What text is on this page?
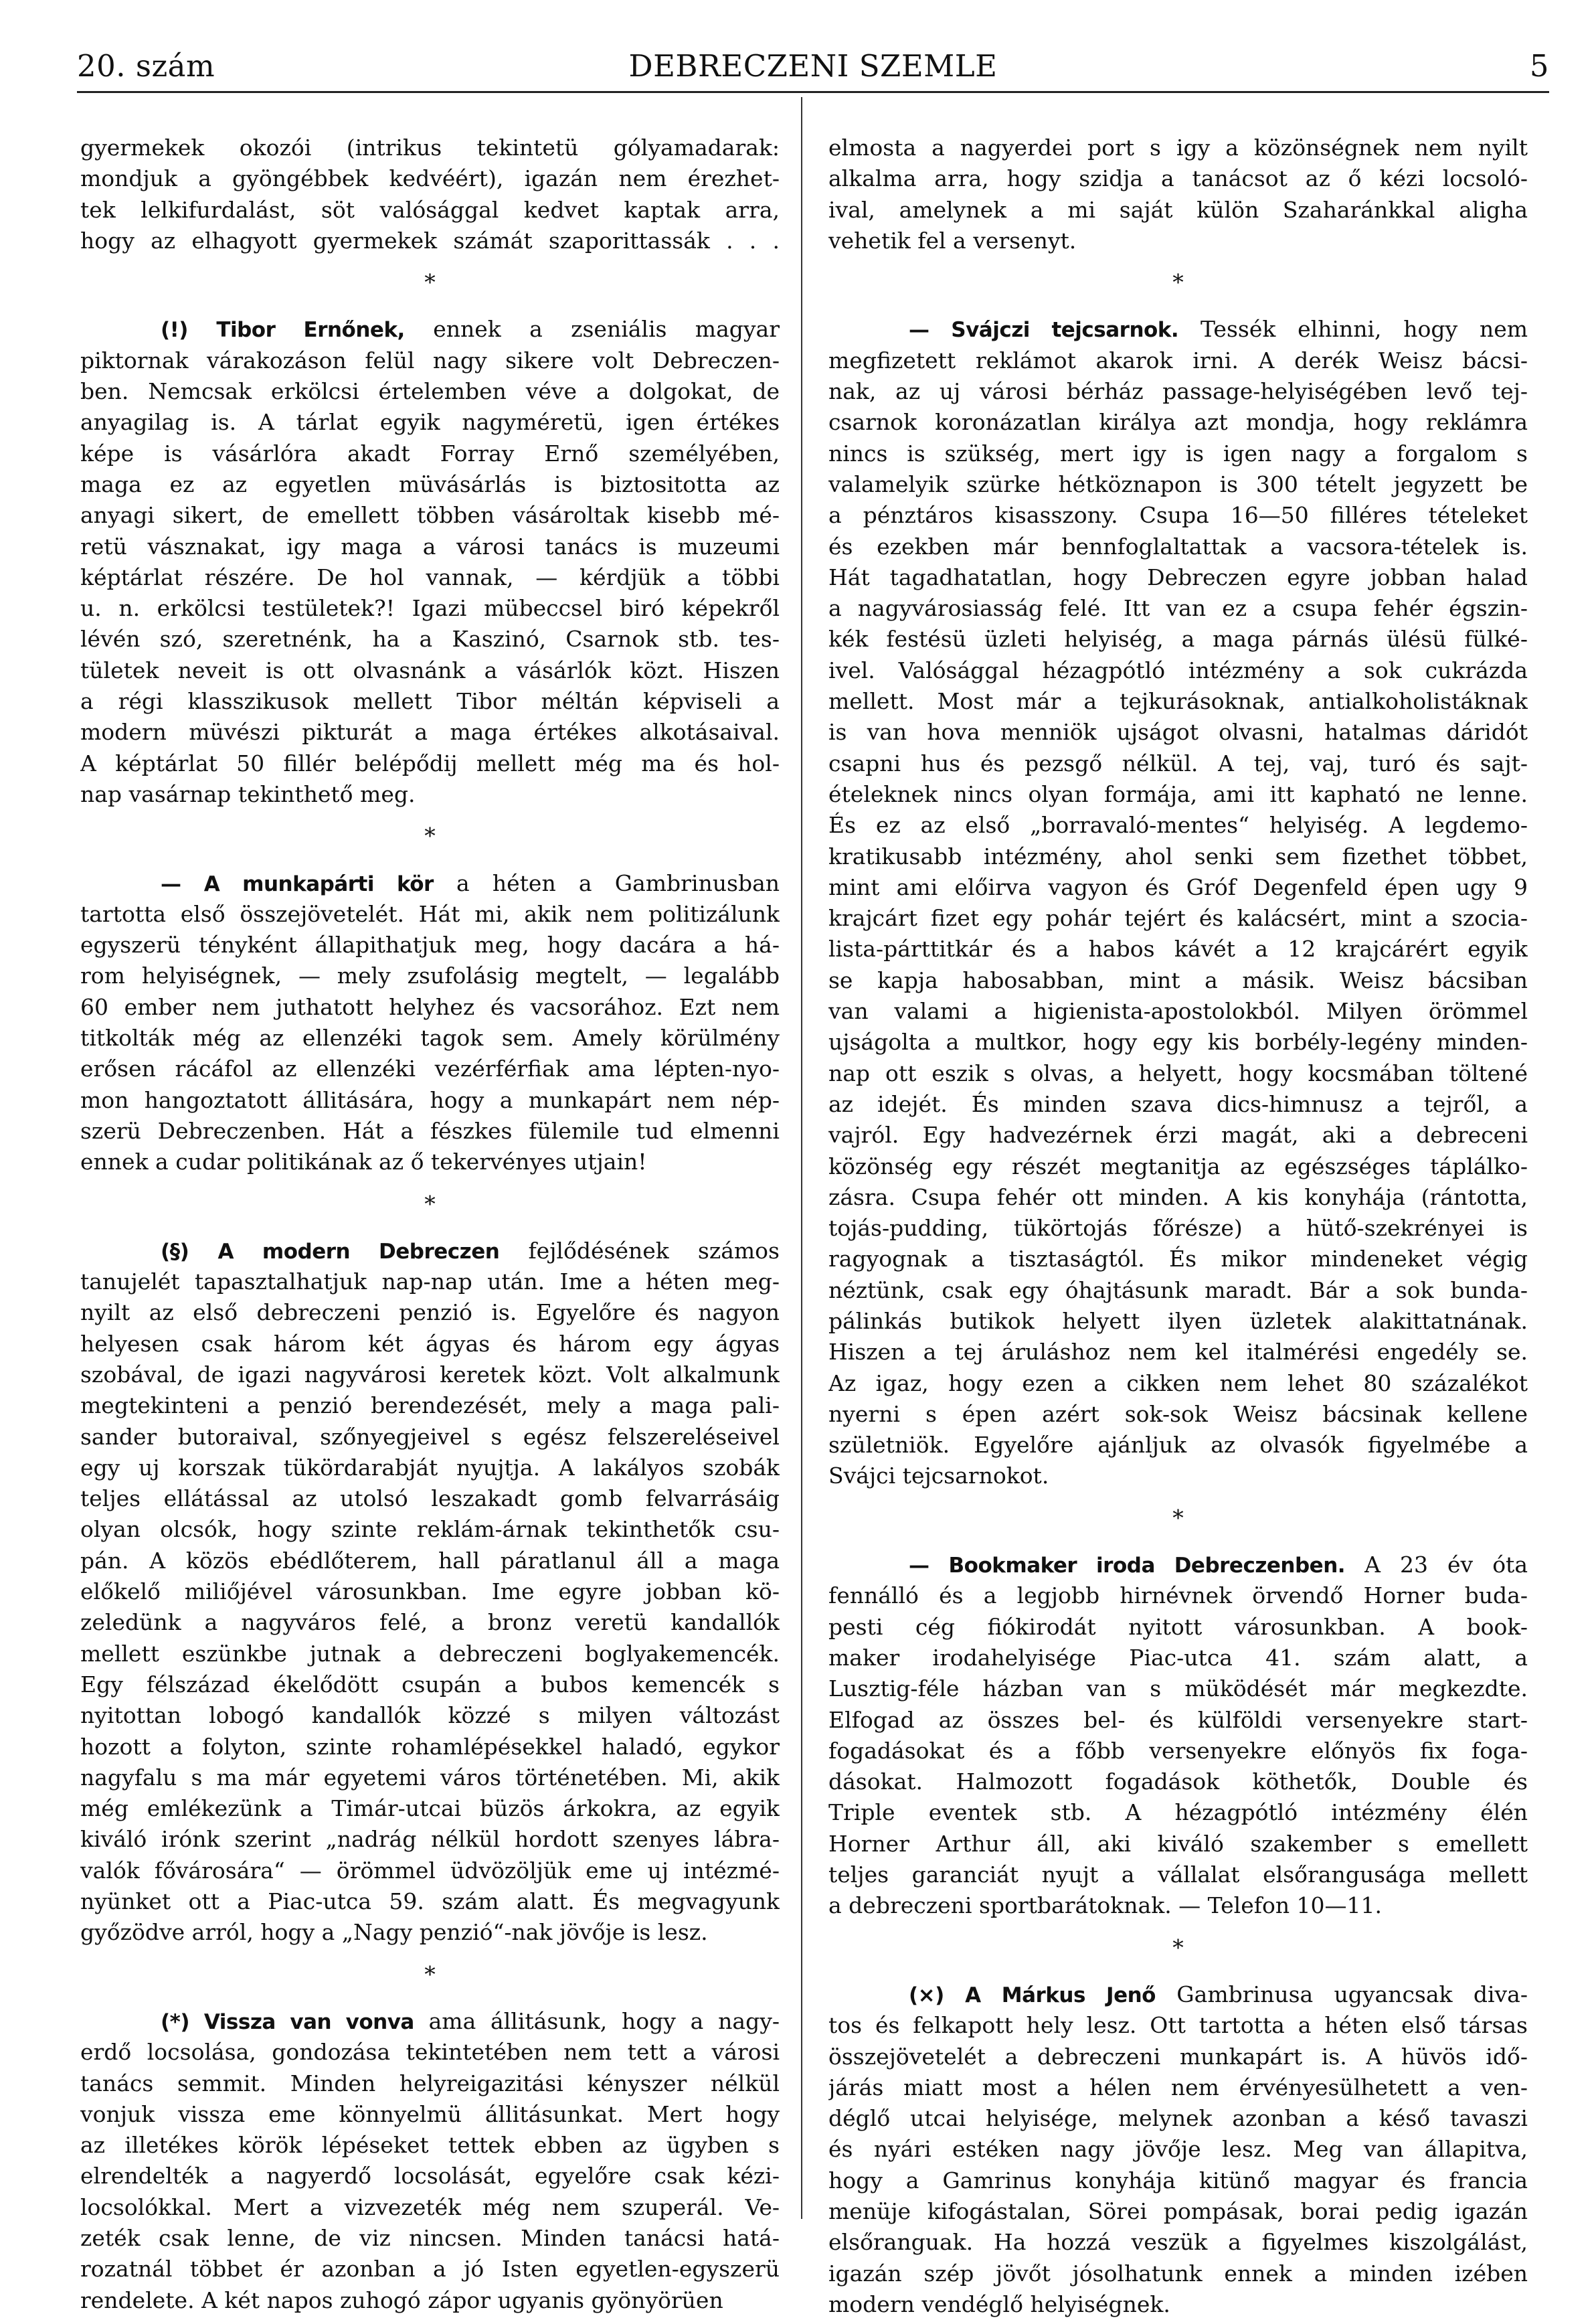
20. szám	DEBRECZENI SZEMLE	5
gyermekek okozói (intrikus tekintetü gólyamadarak:
mondjuk a gyöngébbek kedvéért), igazán nem érezhet-
tek lelkifurdalást, söt valósággal kedvet kaptak arra,
hogy az elhagyott gyermekek számát szaporittassák . . .
*
(!) Tibor Ernőnek, ennek a zseniális magyar
piktornak várakozáson felül nagy sikere volt Debreczen-
ben. Nemcsak erkölcsi értelemben véve a dolgokat, de
anyagilag is. A tárlat egyik nagyméretü, igen értékes
képe is vásárlóra akadt Forray Ernő személyében,
maga ez az egyetlen müvásárlás is biztositotta az
anyagi sikert, de emellett többen vásároltak kisebb mé-
retü vásznakat, igy maga a városi tanács is muzeumi
képtárlat részére. De hol vannak, — kérdjük a többi
u. n. erkölcsi testületek?! Igazi mübeccsel biró képekről
lévén szó, szeretnénk, ha a Kaszinó, Csarnok stb. tes-
tületek neveit is ott olvasnánk a vásárlók közt. Hiszen
a régi klasszikusok mellett Tibor méltán képviseli a
modern müvészi pikturát a maga értékes alkotásaival.
A képtárlat 50 fillér belépődij mellett még ma és hol-
nap vasárnap tekinthető meg.
*
— A munkapárti kör a héten a Gambrinusban
tartotta első összejövetelét. Hát mi, akik nem politizálunk
egyszerü tényként állapithatjuk meg, hogy dacára a há-
rom helyiségnek, — mely zsufolásig megtelt, — legalább
60 ember nem juthatott helyhez és vacsorához. Ezt nem
titkolták még az ellenzéki tagok sem. Amely körülmény
erősen rácáfol az ellenzéki vezérférfiak ama lépten-nyo-
mon hangoztatott állitására, hogy a munkapárt nem nép-
szerü Debreczenben. Hát a fészkes fülemile tud elmenni
ennek a cudar politikának az ő tekervényes utjain!
*
(§) A modern Debreczen fejlődésének számos
tanujelét tapasztalhatjuk nap-nap után. Ime a héten meg-
nyilt az első debreczeni penzió is. Egyelőre és nagyon
helyesen csak három két ágyas és három egy ágyas
szobával, de igazi nagyvárosi keretek közt. Volt alkalmunk
megtekinteni a penzió berendezését, mely a maga pali-
sander butoraival, szőnyegjeivel s egész felszereléseivel
egy uj korszak tükördarabját nyujtja. A lakályos szobák
teljes ellátással az utolsó leszakadt gomb felvarrásáig
olyan olcsók, hogy szinte reklám-árnak tekinthetők csu-
pán. A közös ebédlőterem, hall páratlanul áll a maga
előkelő miliőjével városunkban. Ime egyre jobban kö-
zeledünk a nagyváros felé, a bronz veretü kandallók
mellett eszünkbe jutnak a debreczeni boglyakemencék.
Egy félszázad ékelődött csupán a bubos kemencék s
nyitottan lobogó kandallók közzé s milyen változást
hozott a folyton, szinte rohamlépésekkel haladó, egykor
nagyfalu s ma már egyetemi város történetében. Mi, akik
még emlékezünk a Timár-utcai büzös árkokra, az egyik
kiváló irónk szerint „nadrág nélkül hordott szenyes lábra-
valók fővárosára“ — örömmel üdvözöljük eme uj intézmé-
nyünket ott a Piac-utca 59. szám alatt. És megvagyunk
győzödve arról, hogy a „Nagy penzió“-nak jövője is lesz.
*
(*) Vissza van vonva ama állitásunk, hogy a nagy-
erdő locsolása, gondozása tekintetében nem tett a városi
tanács semmit. Minden helyreigazitási kényszer nélkül
vonjuk vissza eme könnyelmü állitásunkat. Mert hogy
az illetékes körök lépéseket tettek ebben az ügyben s
elrendelték a nagyerdő locsolását, egyelőre csak kézi-
locsolókkal. Mert a vizvezeték még nem szuperál. Ve-
zeték csak lenne, de viz nincsen. Minden tanácsi hatá-
rozatnál többet ér azonban a jó Isten egyetlen-egyszerü
rendelete. A két napos zuhogó zápor ugyanis gyönyörüen
elmosta a nagyerdei port s igy a közönségnek nem nyilt
alkalma arra, hogy szidja a tanácsot az ő kézi locsoló-
ival, amelynek a mi saját külön Szaharánkkal aligha
vehetik fel a versenyt.
*
— Svájczi tejcsarnok. Tessék elhinni, hogy nem
megfizetett reklámot akarok irni. A derék Weisz bácsi-
nak, az uj városi bérház passage-helyiségében levő tej-
csarnok koronázatlan királya azt mondja, hogy reklámra
nincs is szükség, mert igy is igen nagy a forgalom s
valamelyik szürke hétköznapon is 300 tételt jegyzett be
a pénztáros kisasszony. Csupa 16—50 filléres tételeket
és ezekben már bennfoglaltattak a vacsora-tételek is.
Hát tagadhatatlan, hogy Debreczen egyre jobban halad
a nagyvárosiasság felé. Itt van ez a csupa fehér égszin-
kék festésü üzleti helyiség, a maga párnás ülésü fülké-
ivel. Valósággal hézagpótló intézmény a sok cukrázda
mellett. Most már a tejkurásoknak, antialkoholistáknak
is van hova menniök ujságot olvasni, hatalmas dáridót
csapni hus és pezsgő nélkül. A tej, vaj, turó és sajt-
ételeknek nincs olyan formája, ami itt kapható ne lenne.
És ez az első „borravaló-mentes“ helyiség. A legdemo-
kratikusabb intézmény, ahol senki sem fizethet többet,
mint ami előirva vagyon és Gróf Degenfeld épen ugy 9
krajcárt fizet egy pohár tejért és kalácsért, mint a szocia-
lista-párttitkár és a habos kávét a 12 krajcárért egyik
se kapja habosabban, mint a másik. Weisz bácsiban
van valami a higienista-apostolokból. Milyen örömmel
ujságolta a multkor, hogy egy kis borbély-legény minden-
nap ott eszik s olvas, a helyett, hogy kocsmában töltené
az idejét. És minden szava dics-himnusz a tejről, a
vajról. Egy hadvezérnek érzi magát, aki a debreceni
közönség egy részét megtanitja az egészséges táplálko-
zásra. Csupa fehér ott minden. A kis konyhája (rántotta,
tojás-pudding, tükörtojás főrésze) a hütő-szekrényei is
ragyognak a tisztaságtól. És mikor mindeneket végig
néztünk, csak egy óhajtásunk maradt. Bár a sok bunda-
pálinkás butikok helyett ilyen üzletek alakittatnának.
Hiszen a tej áruláshoz nem kel italmérési engedély se.
Az igaz, hogy ezen a cikken nem lehet 80 százalékot
nyerni s épen azért sok-sok Weisz bácsinak kellene
születniök. Egyelőre ajánljuk az olvasók figyelmébe a
Svájci tejcsarnokot.
*
— Bookmaker iroda Debreczenben. A 23 év óta
fennálló és a legjobb hirnévnek örvendő Horner buda-
pesti cég fiókirodát nyitott városunkban. A book-
maker irodahelyisége Piac-utca 41. szám alatt, a
Lusztig-féle házban van s müködését már megkezdte.
Elfogad az összes bel- és külföldi versenyekre start-
fogadásokat és a főbb versenyekre előnyös fix foga-
dásokat. Halmozott fogadások köthetők, Double és
Triple eventek stb. A hézagpótló intézmény élén
Horner Arthur áll, aki kiváló szakember s emellett
teljes garanciát nyujt a vállalat elsőrangusága mellett
a debreczeni sportbarátoknak. — Telefon 10—11.
*
(×) A Márkus Jenő Gambrinusa ugyancsak diva-
tos és felkapott hely lesz. Ott tartotta a héten első társas
összejövetelét a debreczeni munkapárt is. A hüvös idő-
járás miatt most a hélen nem érvényesülhetett a ven-
déglő utcai helyisége, melynek azonban a késő tavaszi
és nyári estéken nagy jövője lesz. Meg van állapitva,
hogy a Gamrinus konyhája kitünő magyar és francia
menüje kifogástalan, Sörei pompásak, borai pedig igazán
elsőranguak. Ha hozzá veszük a figyelmes kiszolgálást,
igazán szép jövőt jósolhatunk ennek a minden izében
modern vendéglő helyiségnek.
